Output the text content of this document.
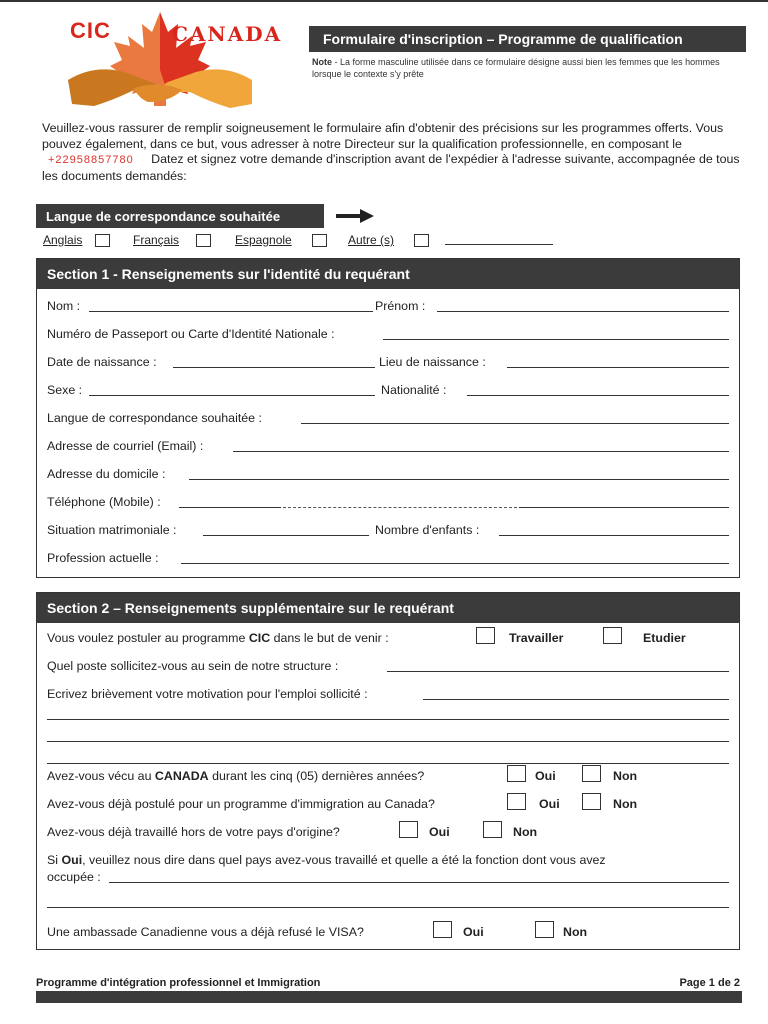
CIC	CANADA	Formulaire d'inscription – Programme de qualification
Note - La forme masculine utilisée dans ce formulaire désigne aussi bien les femmes que les hommes lorsque le contexte s'y prête
Veuillez-vous rassurer de remplir soigneusement le formulaire afin d'obtenir des précisions sur les programmes offerts. Vous pouvez également, dans ce but, vous adresser à notre Directeur sur la qualification professionnelle, en composant le +22958857780 Datez et signez votre demande d'inscription avant de l'expédier à l'adresse suivante, accompagnée de tous les documents demandés:
Langue de correspondance souhaitée
Anglais	Français	Espagnole	Autre (s)
Section 1 - Renseignements sur l'identité du requérant
Nom :	Prénom :
Numéro de Passeport ou Carte d'Identité Nationale :
Date de naissance :	Lieu de naissance :
Sexe :	Nationalité :
Langue de correspondance souhaitée :
Adresse de courriel (Email) :
Adresse du domicile :
Téléphone (Mobile) :
Situation matrimoniale :	Nombre d'enfants :
Profession actuelle :
Section 2 – Renseignements supplémentaire sur le requérant
Vous voulez postuler au programme CIC dans le but de venir :	Travailler	Etudier
Quel poste sollicitez-vous au sein de notre structure :
Ecrivez brièvement votre motivation pour l'emploi sollicité :
Avez-vous vécu au CANADA durant les cinq (05) dernières années?	Oui	Non
Avez-vous déjà postulé pour un programme d'immigration au Canada?	Oui	Non
Avez-vous déjà travaillé hors de votre pays d'origine?	Oui	Non
Si Oui, veuillez nous dire dans quel pays avez-vous travaillé et quelle a été la fonction dont vous avez
occupée :
Une ambassade Canadienne vous a déjà refusé le VISA?	Oui	Non
Programme d'intégration professionnel et Immigration	Page 1 de 2
